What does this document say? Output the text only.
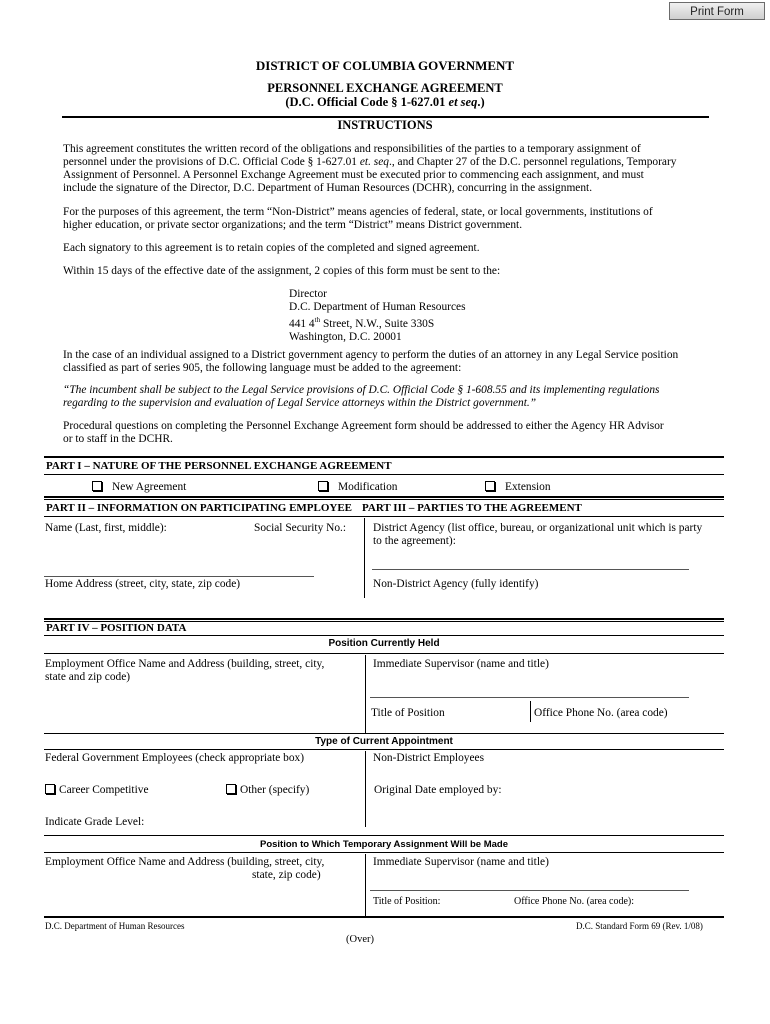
Print Form
DISTRICT OF COLUMBIA GOVERNMENT
PERSONNEL EXCHANGE AGREEMENT
(D.C. Official Code § 1-627.01 et seq.)
INSTRUCTIONS
This agreement constitutes the written record of the obligations and responsibilities of the parties to a temporary assignment of
personnel under the provisions of D.C. Official Code § 1-627.01 et. seq., and Chapter 27 of the D.C. personnel regulations, Temporary
Assignment of Personnel. A Personnel Exchange Agreement must be executed prior to commencing each assignment, and must
include the signature of the Director, D.C. Department of Human Resources (DCHR), concurring in the assignment.
For the purposes of this agreement, the term “Non-District” means agencies of federal, state, or local governments, institutions of
higher education, or private sector organizations; and the term “District” means District government.
Each signatory to this agreement is to retain copies of the completed and signed agreement.
Within 15 days of the effective date of the assignment, 2 copies of this form must be sent to the:
Director
D.C. Department of Human Resources
441 4th Street, N.W., Suite 330S
Washington, D.C. 20001
In the case of an individual assigned to a District government agency to perform the duties of an attorney in any Legal Service position
classified as part of series 905, the following language must be added to the agreement:
“The incumbent shall be subject to the Legal Service provisions of D.C. Official Code § 1-608.55 and its implementing regulations
regarding to the supervision and evaluation of Legal Service attorneys within the District government.”
Procedural questions on completing the Personnel Exchange Agreement form should be addressed to either the Agency HR Advisor
or to staff in the DCHR.
PART I – NATURE OF THE PERSONNEL EXCHANGE AGREEMENT
New Agreement	Modification	Extension
PART II – INFORMATION ON PARTICIPATING EMPLOYEE PART III – PARTIES TO THE AGREEMENT
Name (Last, first, middle):	Social Security No.: District Agency (list office, bureau, or organizational unit which is party
to the agreement):
Home Address (street, city, state, zip code)	Non-District Agency (fully identify)
PART IV – POSITION DATA
Position Currently Held
Employment Office Name and Address (building, street, city,
state and zip code)
Immediate Supervisor (name and title)
Title of Position	Office Phone No. (area code)
Type of Current Appointment
Federal Government Employees (check appropriate box)	Non-District Employees
Career Competitive	Other (specify)	Original Date employed by:
Indicate Grade Level:
Position to Which Temporary Assignment Will be Made
Employment Office Name and Address (building, street, city,
state, zip code)
Immediate Supervisor (name and title)
Title of Position:	Office Phone No. (area code):
D.C. Department of Human Resources	D.C. Standard Form 69 (Rev. 1/08)
(Over)
